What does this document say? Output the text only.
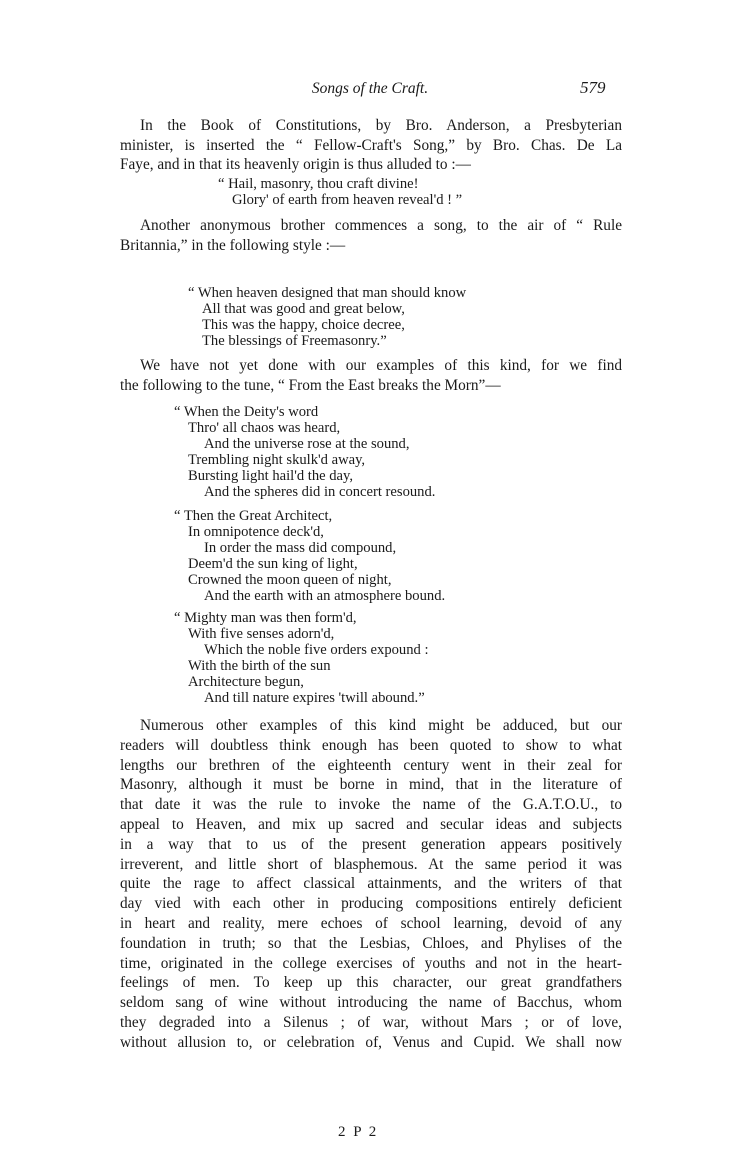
Songs of the Craft.	579
In the Book of Constitutions, by Bro. Anderson, a Presbyterian
minister, is inserted the “ Fellow-Craft's Song,” by Bro. Chas. De La
Faye, and in that its heavenly origin is thus alluded to :—
“ Hail, masonry, thou craft divine!
Glory' of earth from heaven reveal'd ! ”
Another anonymous brother commences a song, to the air of “ Rule
Britannia,” in the following style :—
“ When heaven designed that man should know
All that was good and great below,
This was the happy, choice decree,
The blessings of Freemasonry.”
We have not yet done with our examples of this kind, for we find
the following to the tune, “ From the East breaks the Morn”—
“ When the Deity's word
Thro' all chaos was heard,
And the universe rose at the sound,
Trembling night skulk'd away,
Bursting light hail'd the day,
And the spheres did in concert resound.
“ Then the Great Architect,
In omnipotence deck'd,
In order the mass did compound,
Deem'd the sun king of light,
Crowned the moon queen of night,
And the earth with an atmosphere bound.
“ Mighty man was then form'd,
With five senses adorn'd,
Which the noble five orders expound :
With the birth of the sun
Architecture begun,
And till nature expires 'twill abound.”
Numerous other examples of this kind might be adduced, but our
readers will doubtless think enough has been quoted to show to what
lengths our brethren of the eighteenth century went in their zeal for
Masonry, although it must be borne in mind, that in the literature of
that date it was the rule to invoke the name of the G.A.T.O.U., to
appeal to Heaven, and mix up sacred and secular ideas and subjects
in a way that to us of the present generation appears positively
irreverent, and little short of blasphemous. At the same period it was
quite the rage to affect classical attainments, and the writers of that
day vied with each other in producing compositions entirely deficient
in heart and reality, mere echoes of school learning, devoid of any
foundation in truth; so that the Lesbias, Chloes, and Phylises of the
time, originated in the college exercises of youths and not in the heart-
feelings of men. To keep up this character, our great grandfathers
seldom sang of wine without introducing the name of Bacchus, whom
they degraded into a Silenus ; of war, without Mars ; or of love,
without allusion to, or celebration of, Venus and Cupid. We shall now
2 P 2
